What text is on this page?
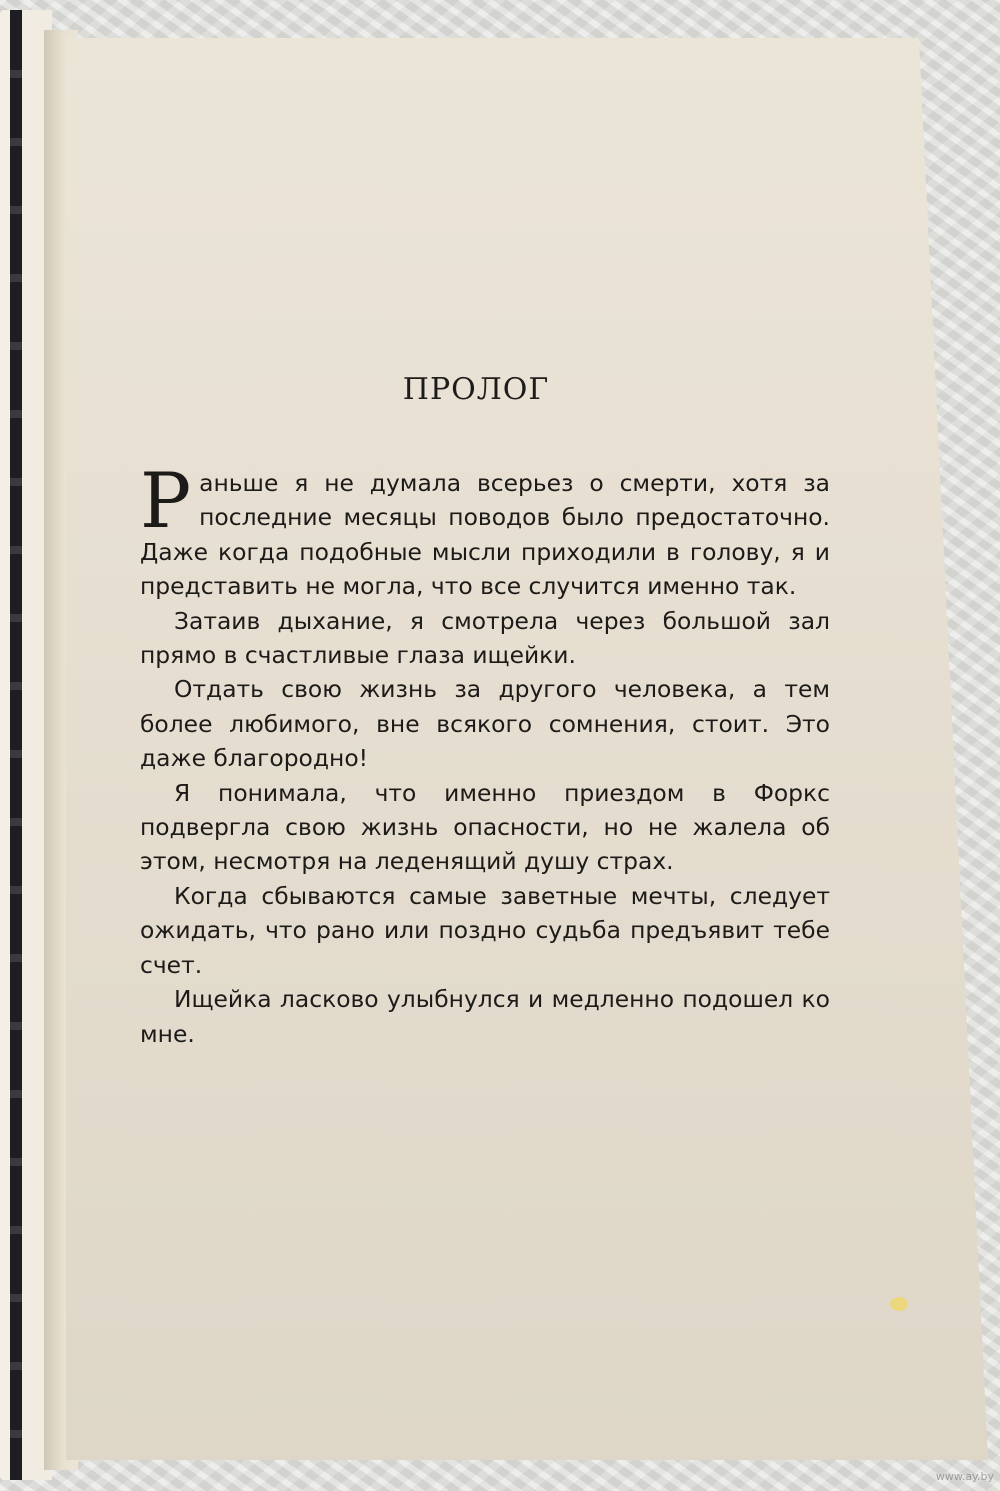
ПРОЛОГ

Раньше я не думала всерьез о смерти, хотя за последние месяцы поводов было предостаточно. Даже когда подобные мысли приходили в голову, я и представить не могла, что все случится именно так.

Затаив дыхание, я смотрела через большой зал прямо в счастливые глаза ищейки.

Отдать свою жизнь за другого человека, а тем более любимого, вне всякого сомнения, стоит. Это даже благородно!

Я понимала, что именно приездом в Форкс подвергла свою жизнь опасности, но не жалела об этом, несмотря на леденящий душу страх.

Когда сбываются самые заветные мечты, следует ожидать, что рано или поздно судьба предъявит тебе счет.

Ищейка ласково улыбнулся и медленно подошел ко мне.

www.ay.by
